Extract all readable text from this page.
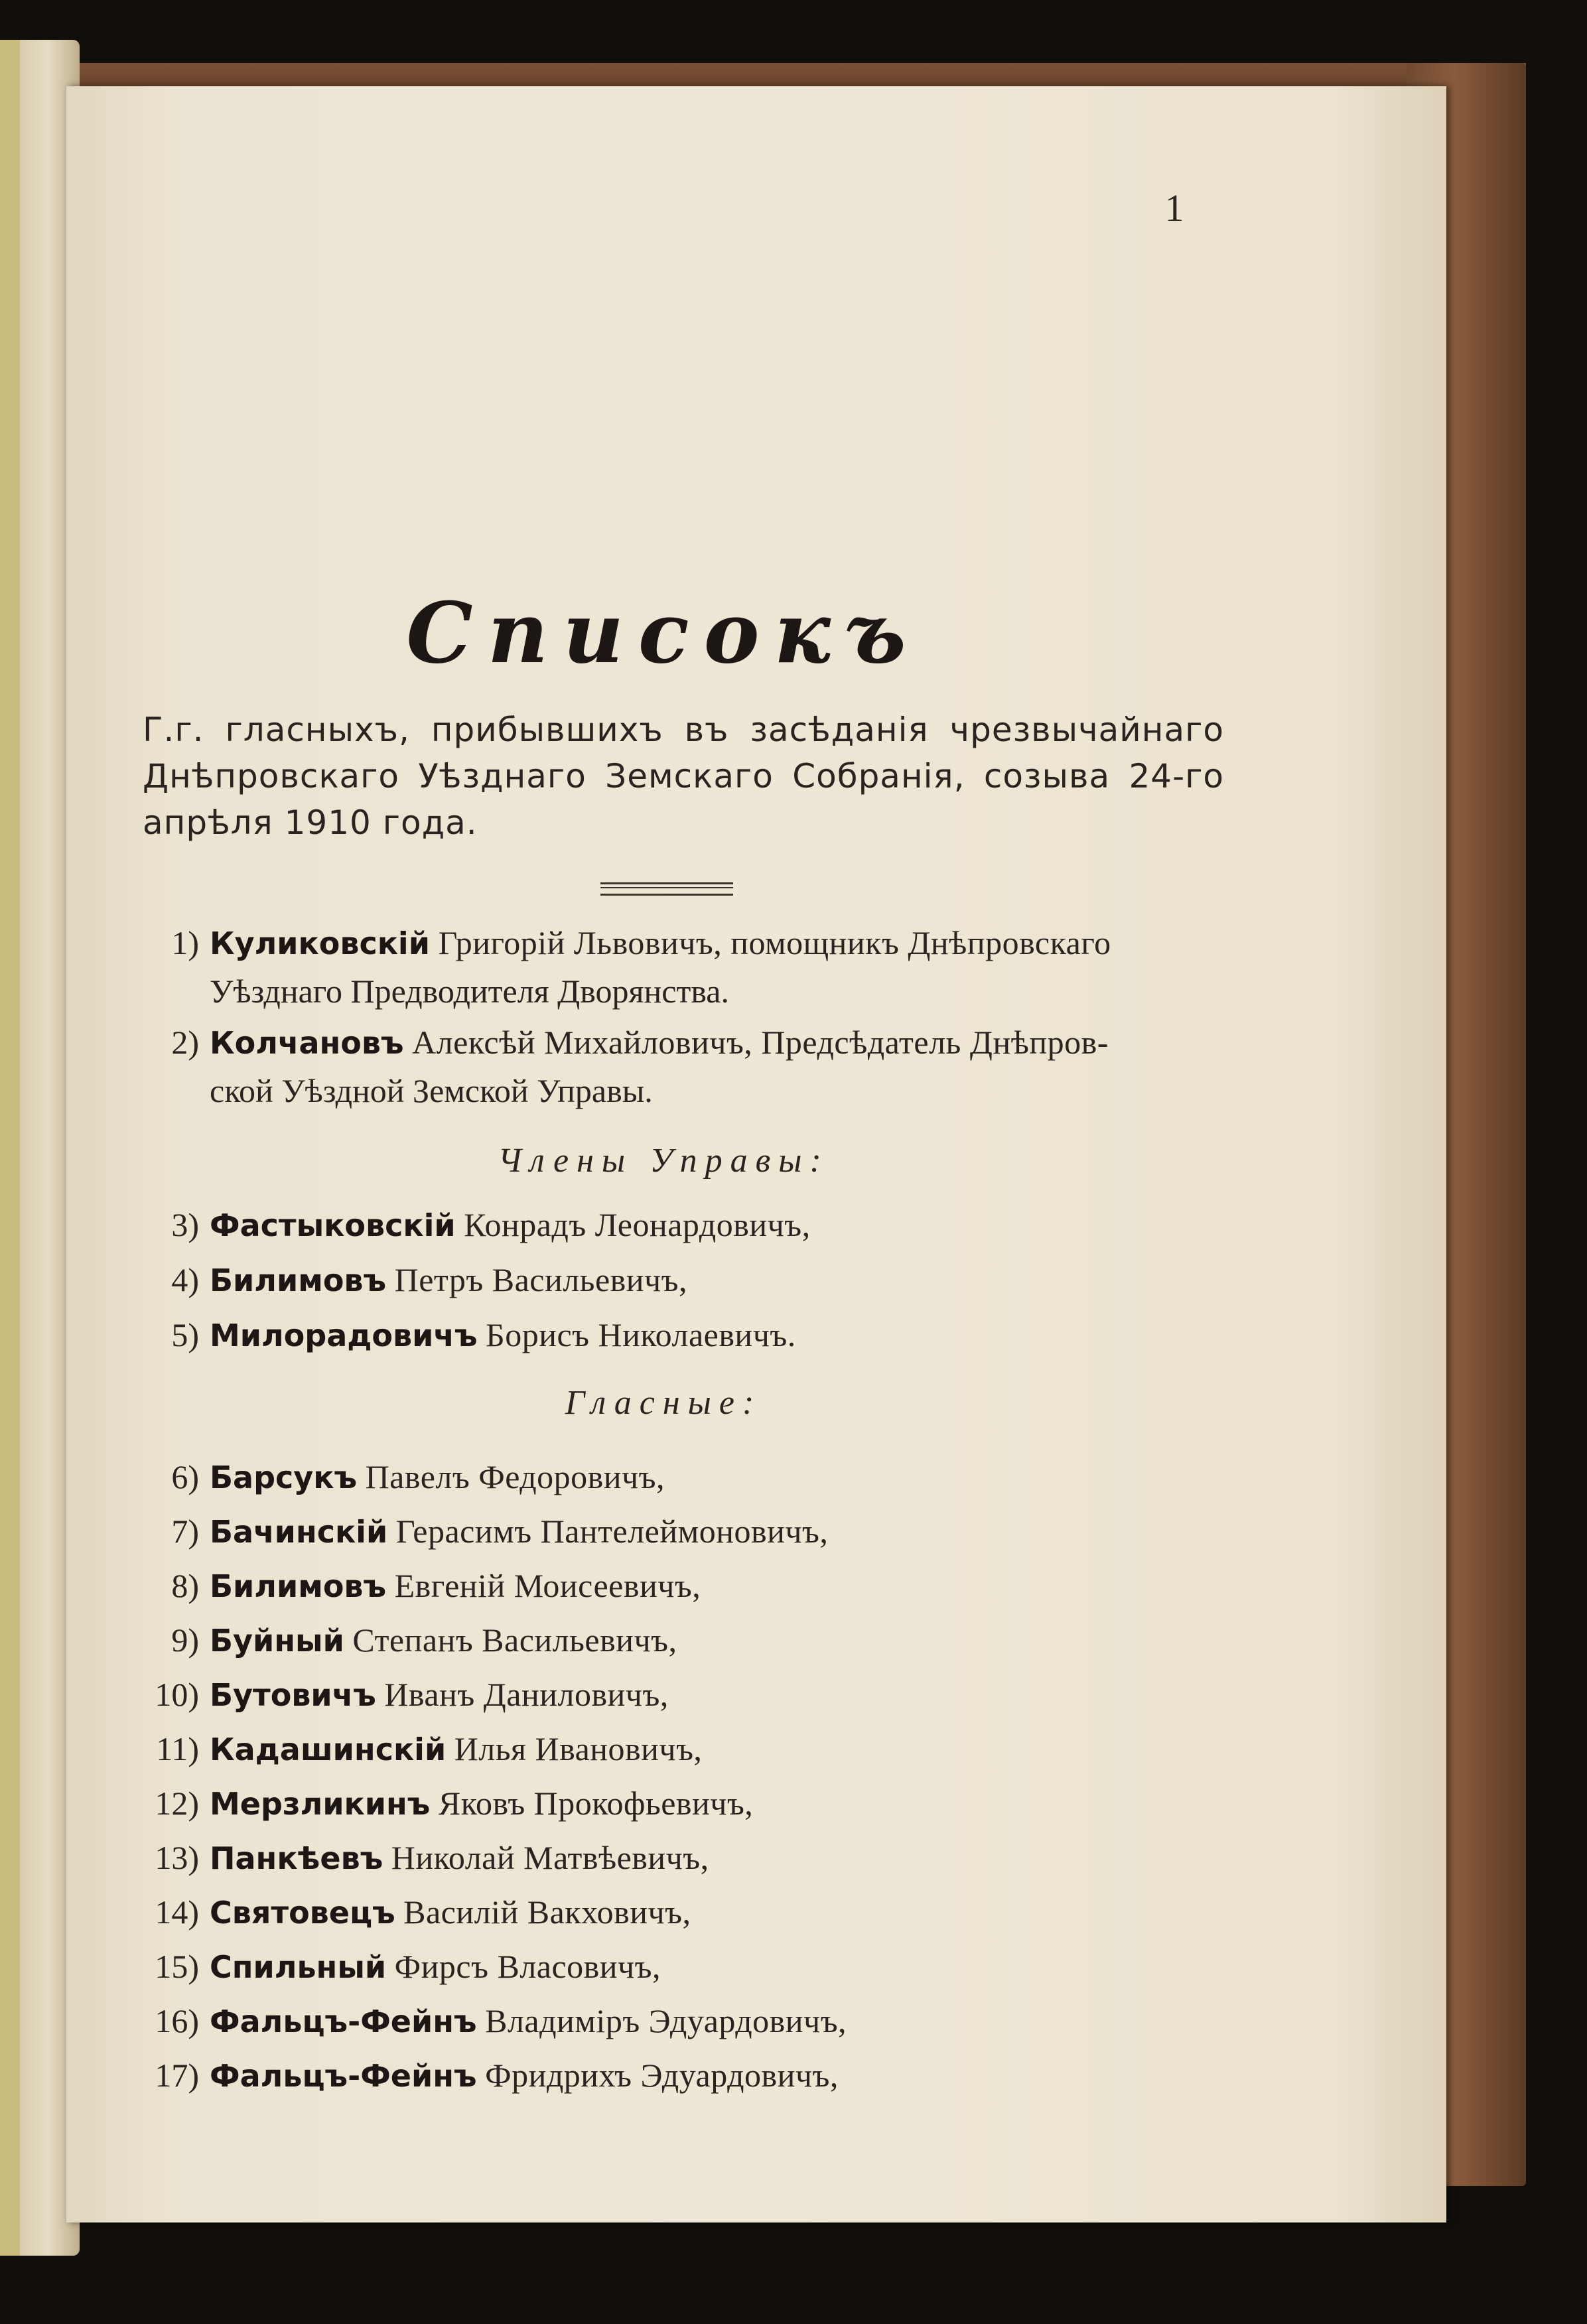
1
Списокъ
Г.г. гласныхъ, прибывшихъ въ засѣданія чрезвычайнаго Днѣпровскаго Уѣзднаго Земскаго Собранія, созыва 24-го апрѣля 1910 года.
1) Куликовскій Григорій Львовичъ, помощникъ Днѣпровскаго
Уѣзднаго Предводителя Дворянства.
2) Колчановъ Алексѣй Михайловичъ, Предсѣдатель Днѣпров-
ской Уѣздной Земской Управы.
Члены Управы:
3) Фастыковскій Конрадъ Леонардовичъ,
4) Билимовъ Петръ Васильевичъ,
5) Милорадовичъ Борисъ Николаевичъ.
Гласные:
6) Барсукъ Павелъ Федоровичъ,
7) Бачинскій Герасимъ Пантелеймоновичъ,
8) Билимовъ Евгеній Моисеевичъ,
9) Буйный Степанъ Васильевичъ,
10) Бутовичъ Иванъ Даниловичъ,
11) Кадашинскій Илья Ивановичъ,
12) Мерзликинъ Яковъ Прокофьевичъ,
13) Панкѣевъ Николай Матвѣевичъ,
14) Святовецъ Василій Вакховичъ,
15) Спильный Фирсъ Власовичъ,
16) Фальцъ-Фейнъ Владиміръ Эдуардовичъ,
17) Фальцъ-Фейнъ Фридрихъ Эдуардовичъ,
